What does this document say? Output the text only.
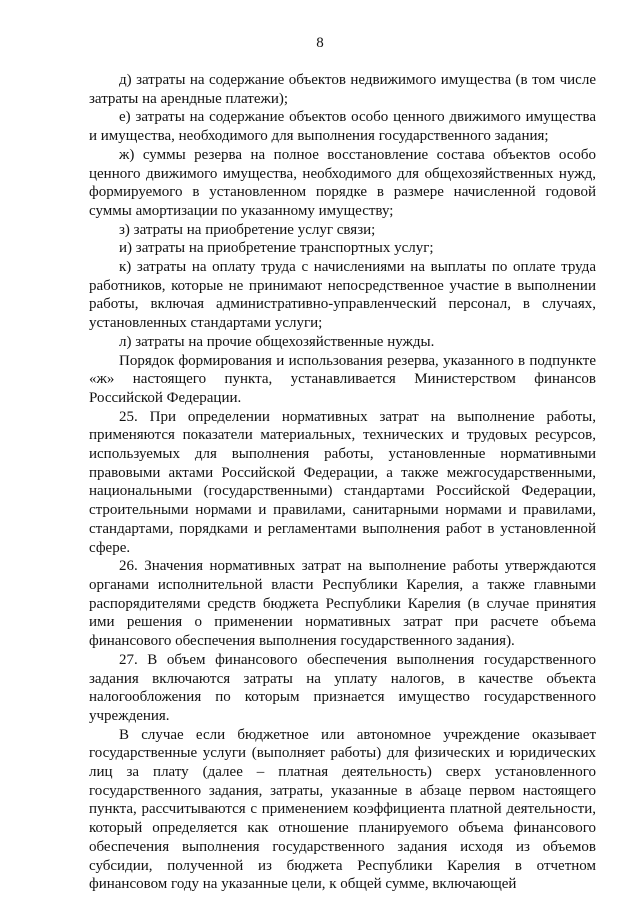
8

д) затраты на содержание объектов недвижимого имущества (в том числе затраты на арендные платежи);

е) затраты на содержание объектов особо ценного движимого имущества и имущества, необходимого для выполнения государственного задания;

ж) суммы резерва на полное восстановление состава объектов особо ценного движимого имущества, необходимого для общехозяйственных нужд, формируемого в установленном порядке в размере начисленной годовой суммы амортизации по указанному имуществу;

з) затраты на приобретение услуг связи;

и) затраты на приобретение транспортных услуг;

к) затраты на оплату труда с начислениями на выплаты по оплате труда работников, которые не принимают непосредственное участие в выполнении работы, включая административно-управленческий персонал, в случаях, установленных стандартами услуги;

л) затраты на прочие общехозяйственные нужды.

Порядок формирования и использования резерва, указанного в подпункте «ж» настоящего пункта, устанавливается Министерством финансов Российской Федерации.

25. При определении нормативных затрат на выполнение работы, применяются показатели материальных, технических и трудовых ресурсов, используемых для выполнения работы, установленные нормативными правовыми актами Российской Федерации, а также межгосударственными, национальными (государственными) стандартами Российской Федерации, строительными нормами и правилами, санитарными нормами и правилами, стандартами, порядками и регламентами выполнения работ в установленной сфере.

26. Значения нормативных затрат на выполнение работы утверждаются органами исполнительной власти Республики Карелия, а также главными распорядителями средств бюджета Республики Карелия (в случае принятия ими решения о применении нормативных затрат при расчете объема финансового обеспечения выполнения государственного задания).

27. В объем финансового обеспечения выполнения государственного задания включаются затраты на уплату налогов, в качестве объекта налогообложения по которым признается имущество государственного учреждения.

В случае если бюджетное или автономное учреждение оказывает государственные услуги (выполняет работы) для физических и юридических лиц за плату (далее – платная деятельность) сверх установленного государственного задания, затраты, указанные в абзаце первом настоящего пункта, рассчитываются с применением коэффициента платной деятельности, который определяется как отношение планируемого объема финансового обеспечения выполнения государственного задания исходя из объемов субсидии, полученной из бюджета Республики Карелия в отчетном финансовом году на указанные цели, к общей сумме, включающей
